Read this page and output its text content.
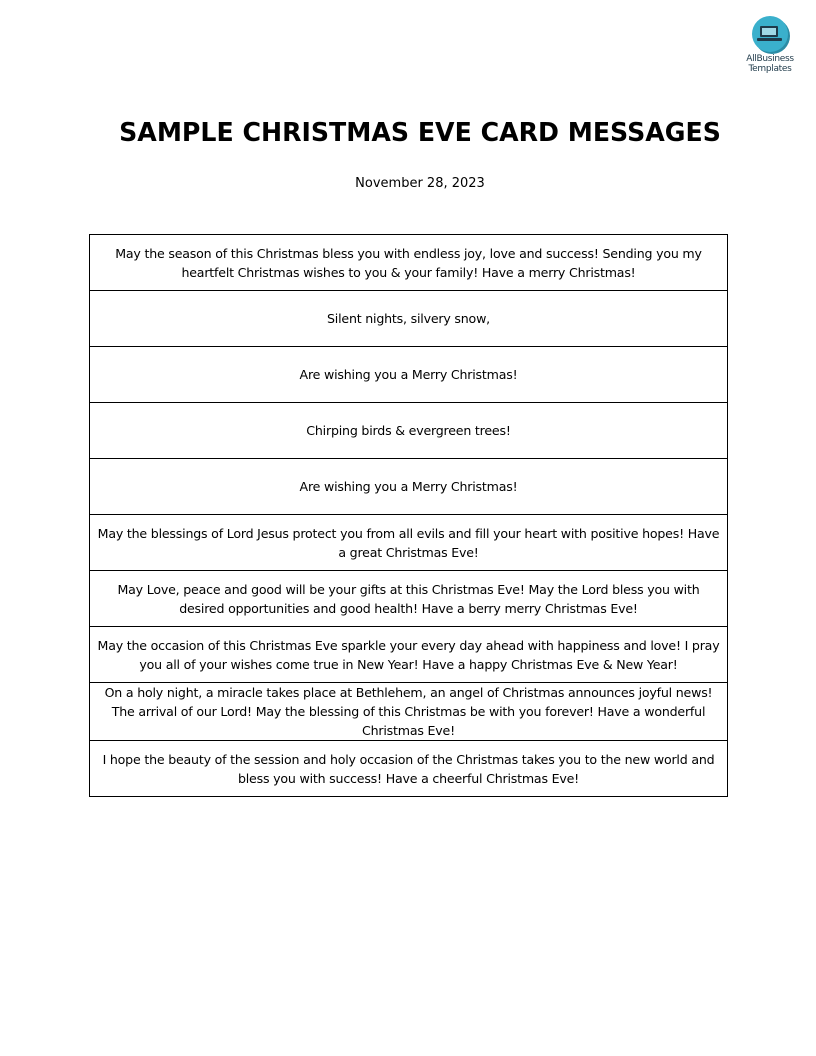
AllBusiness
Templates
SAMPLE CHRISTMAS EVE CARD MESSAGES
November 28, 2023
May the season of this Christmas bless you with endless joy, love and success! Sending you my heartfelt Christmas wishes to you & your family! Have a merry Christmas!
Silent nights, silvery snow,
Are wishing you a Merry Christmas!
Chirping birds & evergreen trees!
Are wishing you a Merry Christmas!
May the blessings of Lord Jesus protect you from all evils and fill your heart with positive hopes! Have a great Christmas Eve!
May Love, peace and good will be your gifts at this Christmas Eve! May the Lord bless you with desired opportunities and good health! Have a berry merry Christmas Eve!
May the occasion of this Christmas Eve sparkle your every day ahead with happiness and love! I pray you all of your wishes come true in New Year! Have a happy Christmas Eve & New Year!
On a holy night, a miracle takes place at Bethlehem, an angel of Christmas announces joyful news! The arrival of our Lord! May the blessing of this Christmas be with you forever! Have a wonderful Christmas Eve!
I hope the beauty of the session and holy occasion of the Christmas takes you to the new world and bless you with success! Have a cheerful Christmas Eve!
